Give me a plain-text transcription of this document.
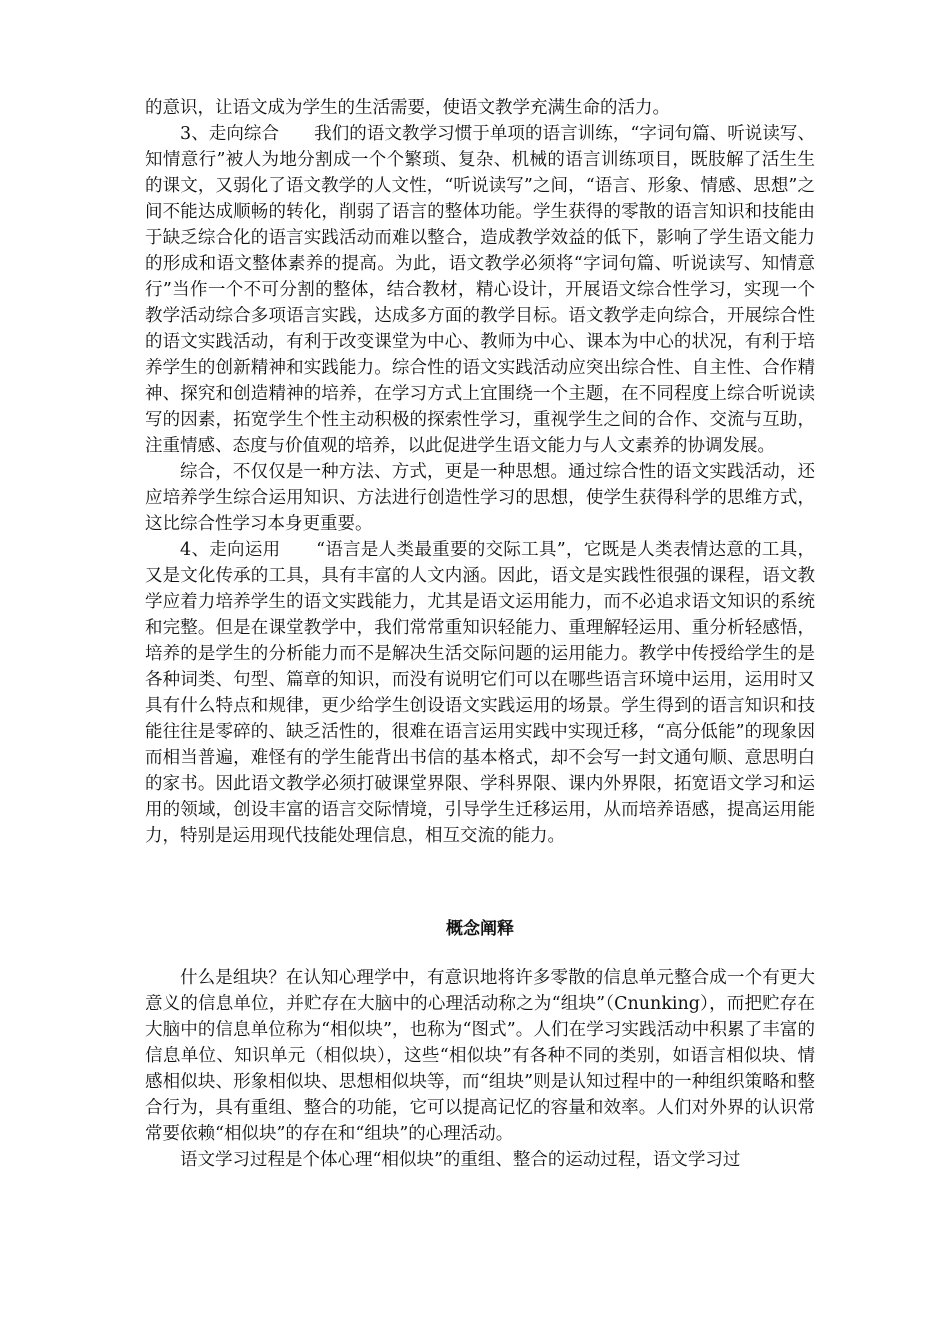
的意识，让语文成为学生的生活需要，使语文教学充满生命的活力。

3、走向综合　　我们的语文教学习惯于单项的语言训练，“字词句篇、听说读写、知情意行”被人为地分割成一个个繁琐、复杂、机械的语言训练项目，既肢解了活生生的课文，又弱化了语文教学的人文性，“听说读写”之间，“语言、形象、情感、思想”之间不能达成顺畅的转化，削弱了语言的整体功能。学生获得的零散的语言知识和技能由于缺乏综合化的语言实践活动而难以整合，造成教学效益的低下，影响了学生语文能力的形成和语文整体素养的提高。为此，语文教学必须将“字词句篇、听说读写、知情意行”当作一个不可分割的整体，结合教材，精心设计，开展语文综合性学习，实现一个教学活动综合多项语言实践，达成多方面的教学目标。语文教学走向综合，开展综合性的语文实践活动，有利于改变课堂为中心、教师为中心、课本为中心的状况，有利于培养学生的创新精神和实践能力。综合性的语文实践活动应突出综合性、自主性、合作精神、探究和创造精神的培养，在学习方式上宜围绕一个主题，在不同程度上综合听说读写的因素，拓宽学生个性主动积极的探索性学习，重视学生之间的合作、交流与互助，注重情感、态度与价值观的培养，以此促进学生语文能力与人文素养的协调发展。

综合，不仅仅是一种方法、方式，更是一种思想。通过综合性的语文实践活动，还应培养学生综合运用知识、方法进行创造性学习的思想，使学生获得科学的思维方式，这比综合性学习本身更重要。

4、走向运用　　“语言是人类最重要的交际工具”，它既是人类表情达意的工具，又是文化传承的工具，具有丰富的人文内涵。因此，语文是实践性很强的课程，语文教学应着力培养学生的语文实践能力，尤其是语文运用能力，而不必追求语文知识的系统和完整。但是在课堂教学中，我们常常重知识轻能力、重理解轻运用、重分析轻感悟，培养的是学生的分析能力而不是解决生活交际问题的运用能力。教学中传授给学生的是各种词类、句型、篇章的知识，而没有说明它们可以在哪些语言环境中运用，运用时又具有什么特点和规律，更少给学生创设语文实践运用的场景。学生得到的语言知识和技能往往是零碎的、缺乏活性的，很难在语言运用实践中实现迁移，“高分低能”的现象因而相当普遍，难怪有的学生能背出书信的基本格式，却不会写一封文通句顺、意思明白的家书。因此语文教学必须打破课堂界限、学科界限、课内外界限，拓宽语文学习和运用的领域，创设丰富的语言交际情境，引导学生迁移运用，从而培养语感，提高运用能力，特别是运用现代技能处理信息，相互交流的能力。

概念阐释

什么是组块？在认知心理学中，有意识地将许多零散的信息单元整合成一个有更大意义的信息单位，并贮存在大脑中的心理活动称之为“组块”（Cnunking），而把贮存在大脑中的信息单位称为“相似块”，也称为“图式”。人们在学习实践活动中积累了丰富的信息单位、知识单元（相似块），这些“相似块”有各种不同的类别，如语言相似块、情感相似块、形象相似块、思想相似块等，而“组块”则是认知过程中的一种组织策略和整合行为，具有重组、整合的功能，它可以提高记忆的容量和效率。人们对外界的认识常常要依赖“相似块”的存在和“组块”的心理活动。

语文学习过程是个体心理“相似块”的重组、整合的运动过程，语文学习过
